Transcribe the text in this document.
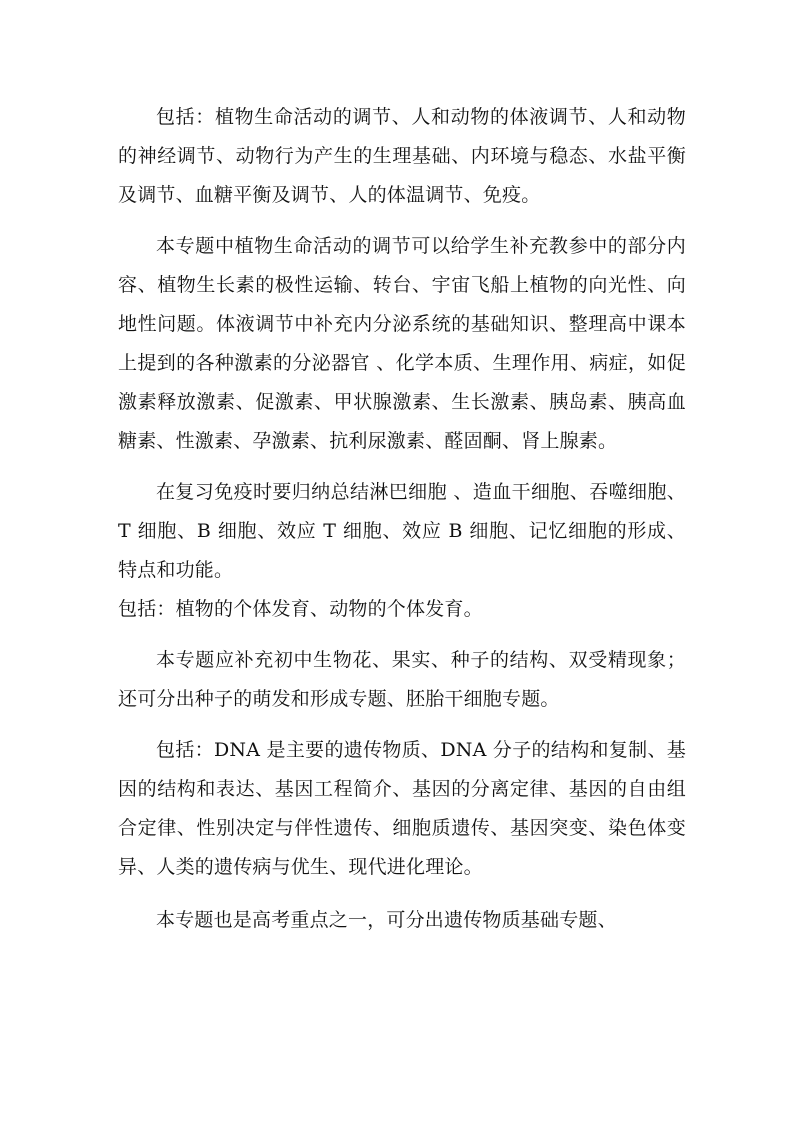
包括：植物生命活动的调节、人和动物的体液调节、人和动物的神经调节、动物行为产生的生理基础、内环境与稳态、水盐平衡及调节、血糖平衡及调节、人的体温调节、免疫。

本专题中植物生命活动的调节可以给学生补充教参中的部分内容、植物生长素的极性运输、转台、宇宙飞船上植物的向光性、向地性问题。体液调节中补充内分泌系统的基础知识、整理高中课本上提到的各种激素的分泌器官 、化学本质、生理作用、病症，如促激素释放激素、促激素、甲状腺激素、生长激素、胰岛素、胰高血糖素、性激素、孕激素、抗利尿激素、醛固酮、肾上腺素。

在复习免疫时要归纳总结淋巴细胞 、造血干细胞、吞噬细胞、T 细胞、B 细胞、效应 T 细胞、效应 B 细胞、记忆细胞的形成、特点和功能。

包括：植物的个体发育、动物的个体发育。

本专题应补充初中生物花、果实、种子的结构、双受精现象；还可分出种子的萌发和形成专题、胚胎干细胞专题。

包括：DNA 是主要的遗传物质、DNA 分子的结构和复制、基因的结构和表达、基因工程简介、基因的分离定律、基因的自由组合定律、性别决定与伴性遗传、细胞质遗传、基因突变、染色体变异、人类的遗传病与优生、现代进化理论。

本专题也是高考重点之一，可分出遗传物质基础专题、
